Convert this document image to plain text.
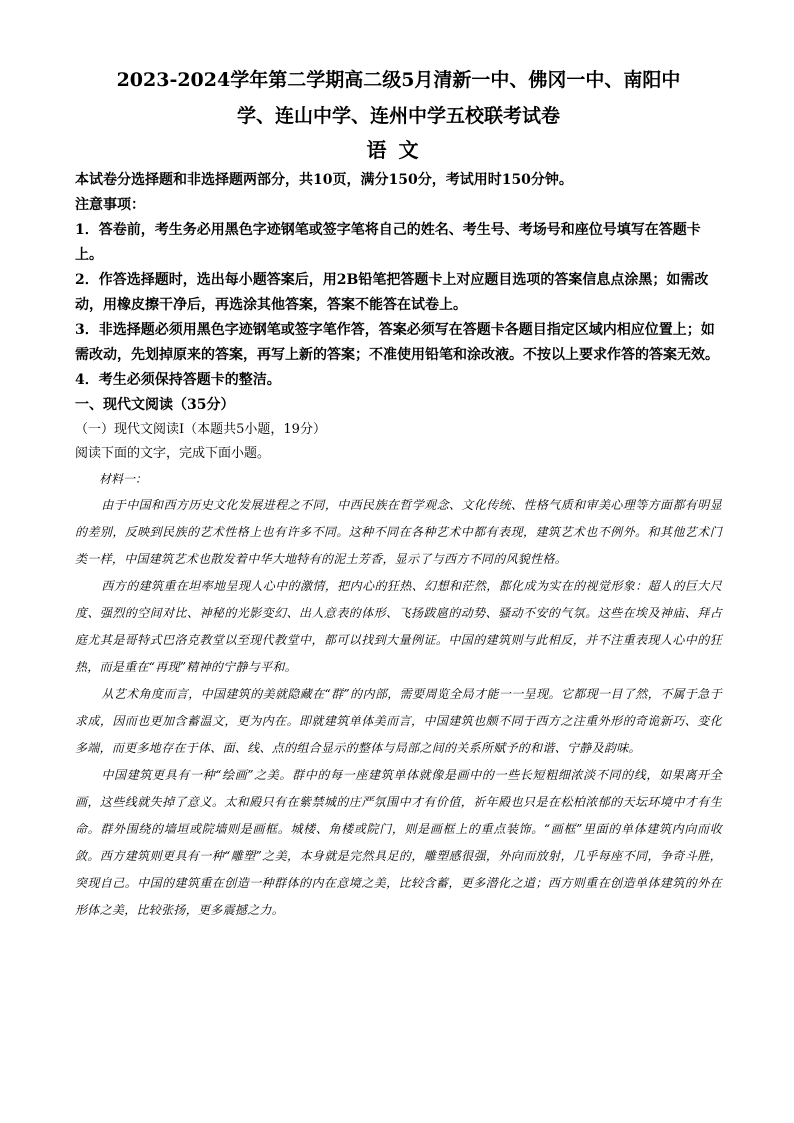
2023-2024学年第二学期高二级5月清新一中、佛冈一中、南阳中
学、连山中学、连州中学五校联考试卷
语文

本试卷分选择题和非选择题两部分，共10页，满分150分，考试用时150分钟。

注意事项：

1．答卷前，考生务必用黑色字迹钢笔或签字笔将自己的姓名、考生号、考场号和座位号填写在答题卡上。

2．作答选择题时，选出每小题答案后，用2B铅笔把答题卡上对应题目选项的答案信息点涂黑；如需改动，用橡皮擦干净后，再选涂其他答案，答案不能答在试卷上。

3．非选择题必须用黑色字迹钢笔或签字笔作答，答案必须写在答题卡各题目指定区域内相应位置上；如需改动，先划掉原来的答案，再写上新的答案；不准使用铅笔和涂改液。不按以上要求作答的答案无效。

4．考生必须保持答题卡的整洁。

一、现代文阅读（35分）

（一）现代文阅读Ⅰ（本题共5小题，19分）

阅读下面的文字，完成下面小题。

材料一：

由于中国和西方历史文化发展进程之不同，中西民族在哲学观念、文化传统、性格气质和审美心理等方面都有明显的差别，反映到民族的艺术性格上也有许多不同。这种不同在各种艺术中都有表现，建筑艺术也不例外。和其他艺术门类一样，中国建筑艺术也散发着中华大地特有的泥土芳香，显示了与西方不同的风貌性格。

西方的建筑重在坦率地呈现人心中的激情，把内心的狂热、幻想和茫然，都化成为实在的视觉形象：超人的巨大尺度、强烈的空间对比、神秘的光影变幻、出人意表的体形、飞扬跋扈的动势、骚动不安的气氛。这些在埃及神庙、拜占庭尤其是哥特式巴洛克教堂以至现代教堂中，都可以找到大量例证。中国的建筑则与此相反，并不注重表现人心中的狂热，而是重在“再现”精神的宁静与平和。

从艺术角度而言，中国建筑的美就隐藏在“群”的内部，需要周览全局才能一一呈现。它都现一目了然，不属于急于求成，因而也更加含蓄温文，更为内在。即就建筑单体美而言，中国建筑也颇不同于西方之注重外形的奇诡新巧、变化多端，而更多地存在于体、面、线、点的组合显示的整体与局部之间的关系所赋予的和谐、宁静及韵味。

中国建筑更具有一种“绘画”之美。群中的每一座建筑单体就像是画中的一些长短粗细浓淡不同的线，如果离开全画，这些线就失掉了意义。太和殿只有在紫禁城的庄严氛围中才有价值，祈年殿也只是在松柏浓郁的天坛环境中才有生命。群外围绕的墙垣或院墙则是画框。城楼、角楼或院门，则是画框上的重点装饰。“画框”里面的单体建筑内向而收敛。西方建筑则更具有一种“雕塑”之美，本身就是完然具足的，雕塑感很强，外向而放射，几乎每座不同，争奇斗胜，突现自己。中国的建筑重在创造一种群体的内在意境之美，比较含蓄，更多潜化之道；西方则重在创造单体建筑的外在形体之美，比较张扬，更多震撼之力。
